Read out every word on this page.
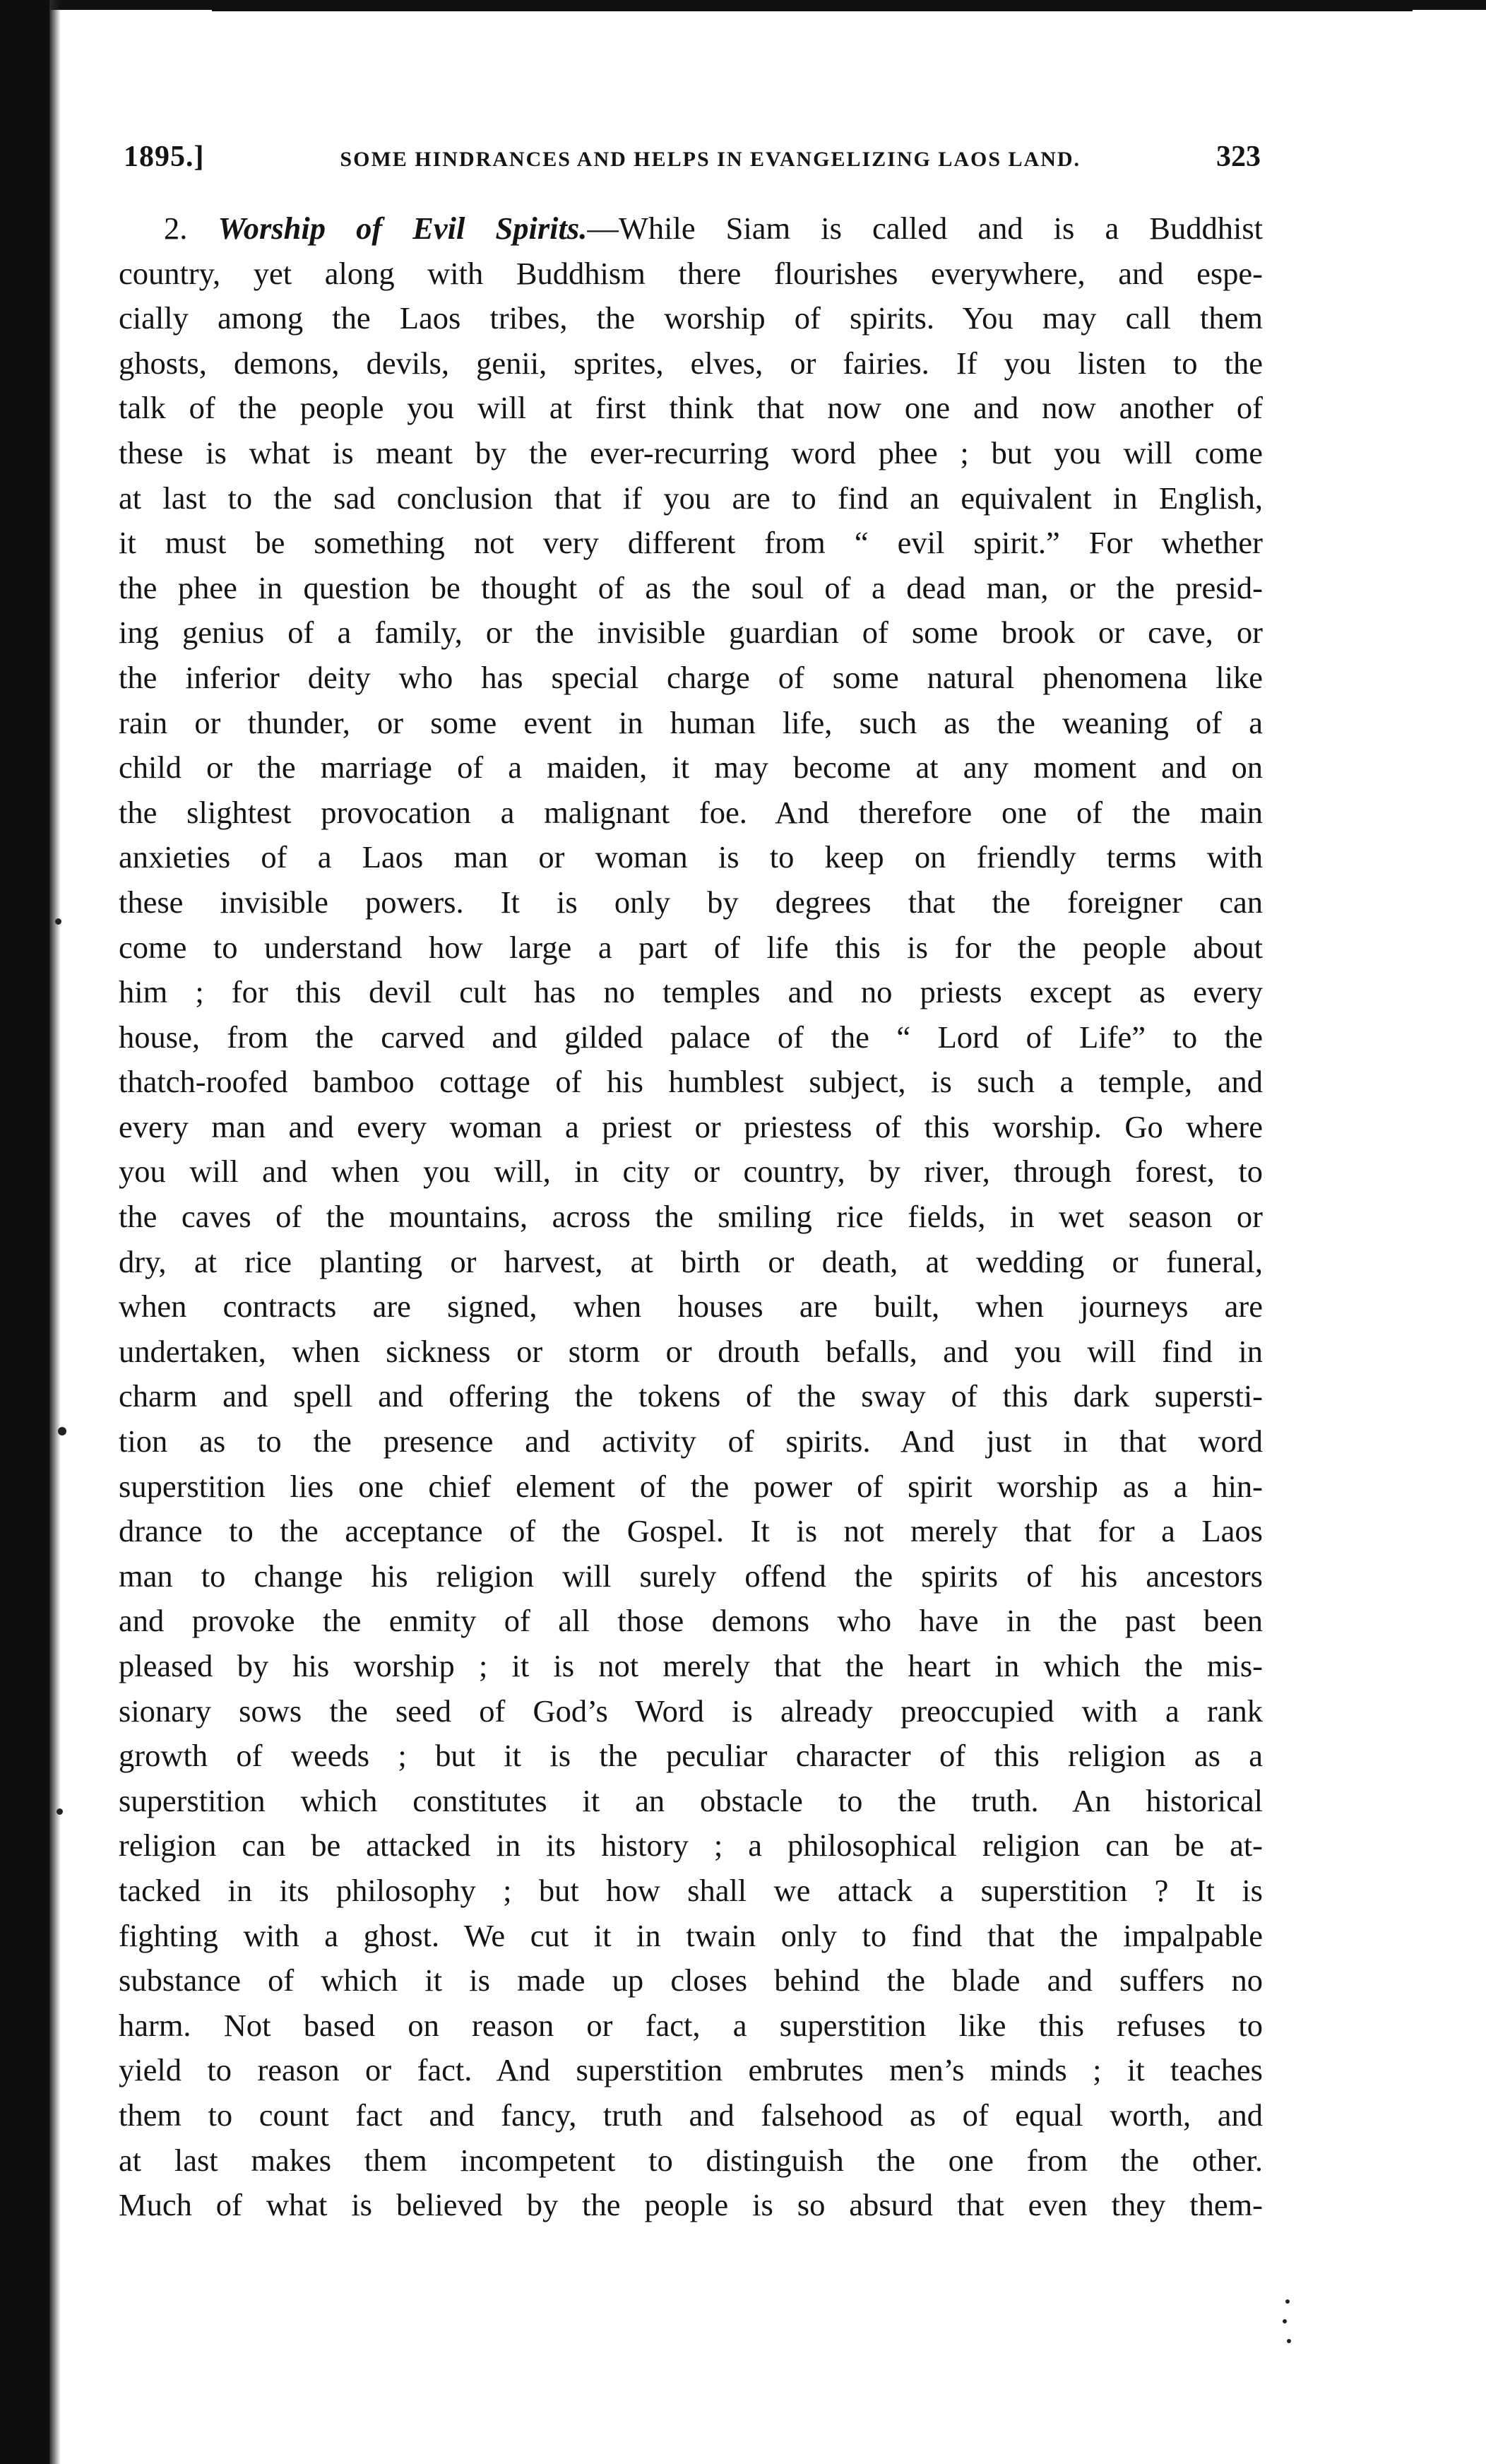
1895.]	SOME HINDRANCES AND HELPS IN EVANGELIZING LAOS LAND.	323
2. Worship of Evil Spirits.—While Siam is called and is a Buddhist
country, yet along with Buddhism there flourishes everywhere, and espe-
cially among the Laos tribes, the worship of spirits. You may call them
ghosts, demons, devils, genii, sprites, elves, or fairies. If you listen to the
talk of the people you will at first think that now one and now another of
these is what is meant by the ever-recurring word phee ; but you will come
at last to the sad conclusion that if you are to find an equivalent in English,
it must be something not very different from “ evil spirit.” For whether
the phee in question be thought of as the soul of a dead man, or the presid-
ing genius of a family, or the invisible guardian of some brook or cave, or
the inferior deity who has special charge of some natural phenomena like
rain or thunder, or some event in human life, such as the weaning of a
child or the marriage of a maiden, it may become at any moment and on
the slightest provocation a malignant foe. And therefore one of the main
anxieties of a Laos man or woman is to keep on friendly terms with
these invisible powers. It is only by degrees that the foreigner can
come to understand how large a part of life this is for the people about
him ; for this devil cult has no temples and no priests except as every
house, from the carved and gilded palace of the “ Lord of Life” to the
thatch-roofed bamboo cottage of his humblest subject, is such a temple, and
every man and every woman a priest or priestess of this worship. Go where
you will and when you will, in city or country, by river, through forest, to
the caves of the mountains, across the smiling rice fields, in wet season or
dry, at rice planting or harvest, at birth or death, at wedding or funeral,
when contracts are signed, when houses are built, when journeys are
undertaken, when sickness or storm or drouth befalls, and you will find in
charm and spell and offering the tokens of the sway of this dark supersti-
tion as to the presence and activity of spirits. And just in that word
superstition lies one chief element of the power of spirit worship as a hin-
drance to the acceptance of the Gospel. It is not merely that for a Laos
man to change his religion will surely offend the spirits of his ancestors
and provoke the enmity of all those demons who have in the past been
pleased by his worship ; it is not merely that the heart in which the mis-
sionary sows the seed of God’s Word is already preoccupied with a rank
growth of weeds ; but it is the peculiar character of this religion as a
superstition which constitutes it an obstacle to the truth. An historical
religion can be attacked in its history ; a philosophical religion can be at-
tacked in its philosophy ; but how shall we attack a superstition ? It is
fighting with a ghost. We cut it in twain only to find that the impalpable
substance of which it is made up closes behind the blade and suffers no
harm. Not based on reason or fact, a superstition like this refuses to
yield to reason or fact. And superstition embrutes men’s minds ; it teaches
them to count fact and fancy, truth and falsehood as of equal worth, and
at last makes them incompetent to distinguish the one from the other.
Much of what is believed by the people is so absurd that even they them-
